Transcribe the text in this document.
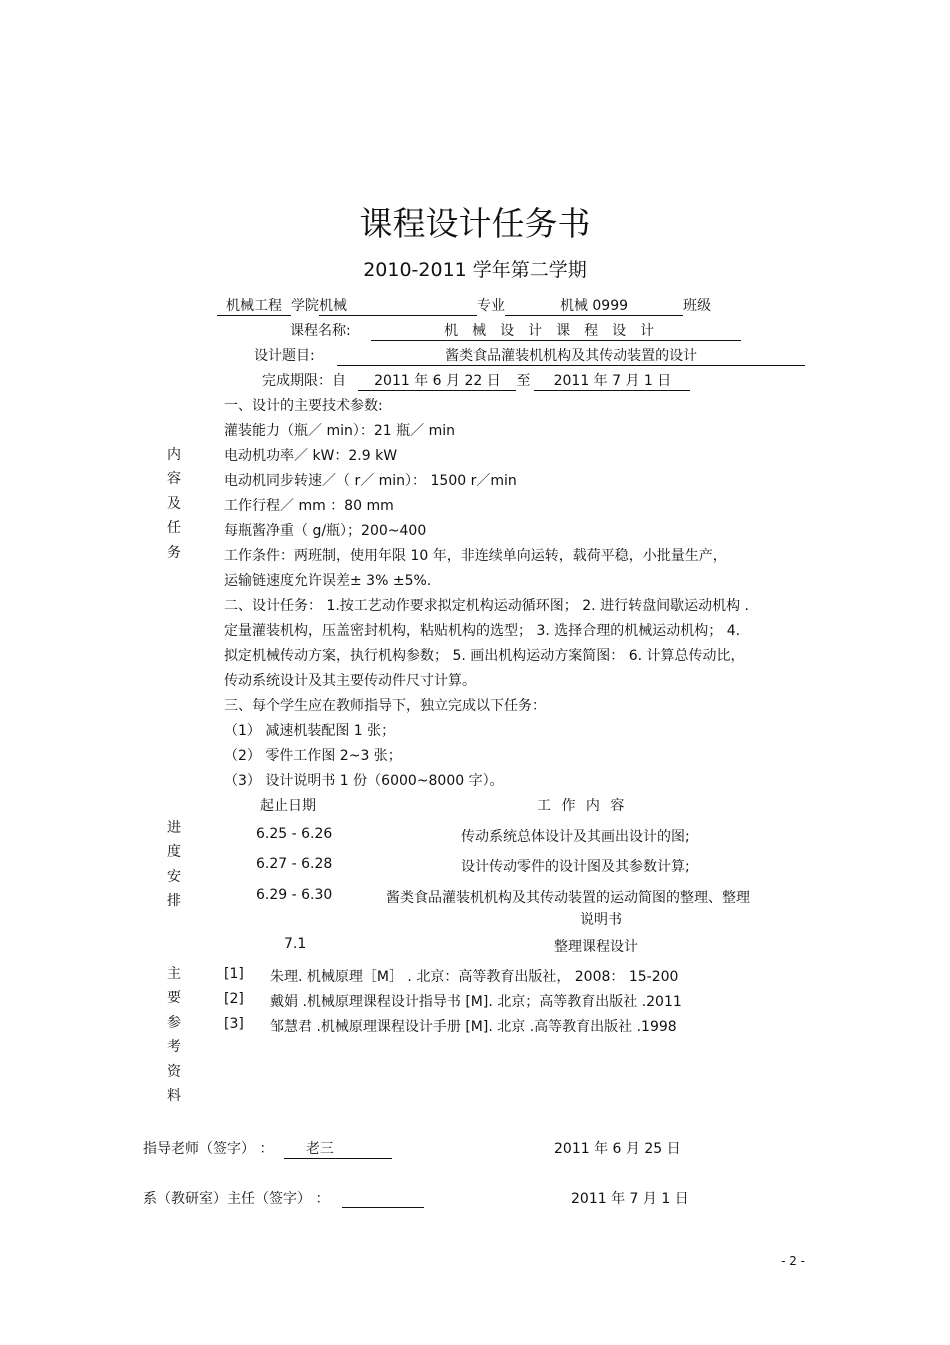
课程设计任务书
2010-2011 学年第二学期
机械工程 学院机械	专业	机械 0999	班级
课程名称:	机械设计课程设计
设计题目:	酱类食品灌装机机构及其传动装置的设计
完成期限：自 2011 年 6 月 22 日 至 2011 年 7 月 1 日
内容及任务
一、设计的主要技术参数:
灌装能力（瓶／ min）：21 瓶／ min
电动机功率／ kW：2.9 kW
电动机同步转速／（ r／ min）： 1500 r／min
工作行程／ mm ：80 mm
每瓶酱净重（ g/瓶）；200~400
工作条件：两班制，使用年限 10 年，非连续单向运转，载荷平稳，小批量生产，
运输链速度允许误差± 3% ±5%.
二、设计任务： 1.按工艺动作要求拟定机构运动循环图； 2. 进行转盘间歇运动机构 .
定量灌装机构，压盖密封机构，粘贴机构的选型； 3. 选择合理的机械运动机构； 4.
拟定机械传动方案，执行机构参数； 5. 画出机构运动方案简图： 6. 计算总传动比，
传动系统设计及其主要传动件尺寸计算。
三、每个学生应在教师指导下，独立完成以下任务：
（1） 减速机装配图 1 张；
（2） 零件工作图 2~3 张；
（3） 设计说明书 1 份（6000~8000 字）。
进度安排
起止日期	工 作 内 容
6.25 - 6.26	传动系统总体设计及其画出设计的图;
6.27 - 6.28	设计传动零件的设计图及其参数计算;
6.29 - 6.30	酱类食品灌装机机构及其传动装置的运动简图的整理、整理
说明书
7.1	整理课程设计
主要参考资料
[1] 朱理. 机械原理［M］ . 北京：高等教育出版社， 2008： 15-200
[2] 戴娟 .机械原理课程设计指导书 [M]. 北京；高等教育出版社 .2011
[3] 邹慧君 .机械原理课程设计手册 [M]. 北京 .高等教育出版社 .1998
指导老师（签字） ： 老三	2011 年 6 月 25 日
系（教研室）主任（签字） ：	2011 年 7 月 1 日
- 2 -
